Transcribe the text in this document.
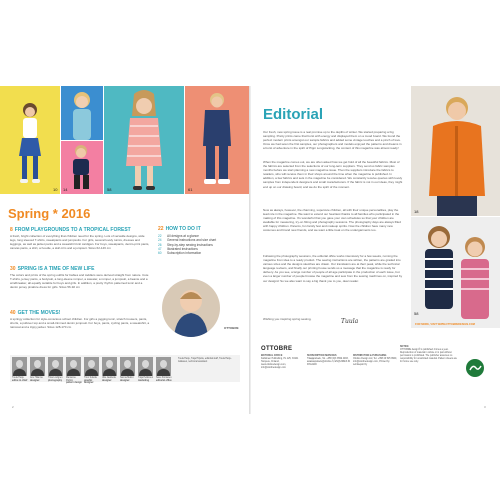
10 14	58	61
Spring * 2016
8 FROM PLAYGROUNDS TO A TROPICAL FOREST
A fresh, bright collection of everything that children need for the spring. Lots of versatile designs, wide legs, long sleeved T-shirts, sweatpants and jumpsuits. For girls, several lovely tunics, dresses and leggings, as well as jacket pants and a sweatshirt knit cardigan. For boys, sweatpants, denim-print pants, canvas pants, a shirt, a hoodie, a skirt-trim and a jumpsuit. Sizes 62-146 cm
30 SPRING IS A TIME OF NEW LIFE
The colors and prints of the spring outfits for babies and toddlers were derived straight from nature. Cute T-shirts, jersey pants, a bodysuit, a long-sleeve romper, a sweater, a romper, a jumpsuit, a beanie and a windbreaker, all equally suitable for boys and girls. In addition, a pretty rhythm patterned tunic and a denim jersey pinafore dress for girls. Sizes 56-92 cm
40 GET THE MOVES!
A springy collection for style-conscious school children. For girls a jogging tunic, stretch trousers, pants, shorts, a pullover top and a small-trimmed denim jumpsuit. For boys, pants, cycling pants, a sweatshirt, a raincoat and a zippy jacket. Sizes 128-170 cm
22 HOW TO DO IT
22 All designs at a glance
24 General instructions and size chart
26 Step-by-step sewing instructions
47 Illustrated instructions
60 Subscription information
OTTOBRE
Editorial
Our fresh, new spring issue is a real promise up to the depths of winter. We started preparing a big sampling. Pretty prints came that burst with energy and displayed them on a mood board. We found the perfect modern prints amongst our sample fabrics and added some vintage touches and a pinch of love. Once we had sewn the first samples, our photographers and models enjoyed the patterns and dreams in a burst of adventure in the spirit of Pippi Longstocking, the content of this magazine was almost ready!
When the magazine comes out, we are often asked how we get hold of all the beautiful fabrics. Most of the fabrics are selected from the selections of our long-term suppliers. They send us fabric samples months before we start planning a new magazine issue. Then the suppliers introduce the fabrics to retailers, who will receive them in their shops around the time when the magazine is published. In addition, a few fabrics and sets in the magazine be considered. We constantly receive queries with lovely samples from independent designers and small manufacturers. If the fabric is not in our ideas, they might end up on our drawing board, and we do the spirit of the moment.
Now as always, however, the charming, supercute children, all with their unique personalities, play the lead role in the magazine. We want to extend our heartiest thanks to all families who participated in the making of this magazine. It's wonderful that you gave your own schedules so that your children are available for measuring, try-on fitting and photography sessions. The photography days are always filled with happy children. Parents, fun family fest and makeup spirits. Now the children have many new costumes and brand new friends, and we want a little treat on the undergarments too.
Following the photography sessions, the editorial office works intensively for a few weeks, running the magazine from idea to a ready product. The sewing instructions are written, the patterns are graded into various sizes and the designs sketches are drawn. Our translators are at their peak, while the technical language revisers, and finally our printing house sends us a message that the magazine is ready for delivery. As you see, a large number of people of all age participate in the production of each issue, but even a larger number of people browse the magazine and sew from the sewing machines on, inspired by our designs! So we also want to say a big thank you to you, dear reader.
Wishing you inspiring spring sewing,	Tuula
18
58
FOR MORE, VISIT WWW.OTTOBREDESIGN.COM
Tuula Harju
editor-in-chief
Anu Hilanna
designer
Tiina Lindgren
photography
Marianna Pahkin
pattern design
Timo Sokola
graphic designer
Ulla Jaukkola
designer
Sanna Malmi
designer
Tuija Pelkonen
marketing
Sasu Kinttanen
editorial office
Tuula Harju, Tuija Hilpola, editorial staff, Tuula Harju-Jalkanen, technical assistant
OTTOBRE
EDITORIAL OFFICE
Kallioinen Publishing, PL 125, 33101 Tampere, Finland, www.ottobredesign.com, info@ottobredesign.com
SUBSCRIPTION SERVICES
Tilaajapalvelu, Tel. +358 (0)3 3599 4483, asiakaspalvelu@ottobre.fi, ENQUIRIES IN FINLAND
DISTRIBUTION & PUBLISHING
Ottobre Design Ltd, Tel. +358 40 525 8900, info@ottobredesign.com, Printed by Lehtisepät Oy
NOTICE
OTTOBRE design® is published 4 times a year. Reproduction of material in whole or in part without permission is prohibited. The publisher assumes no responsibility for unsolicited material. Pattern sheets are for home use only.
2	3
